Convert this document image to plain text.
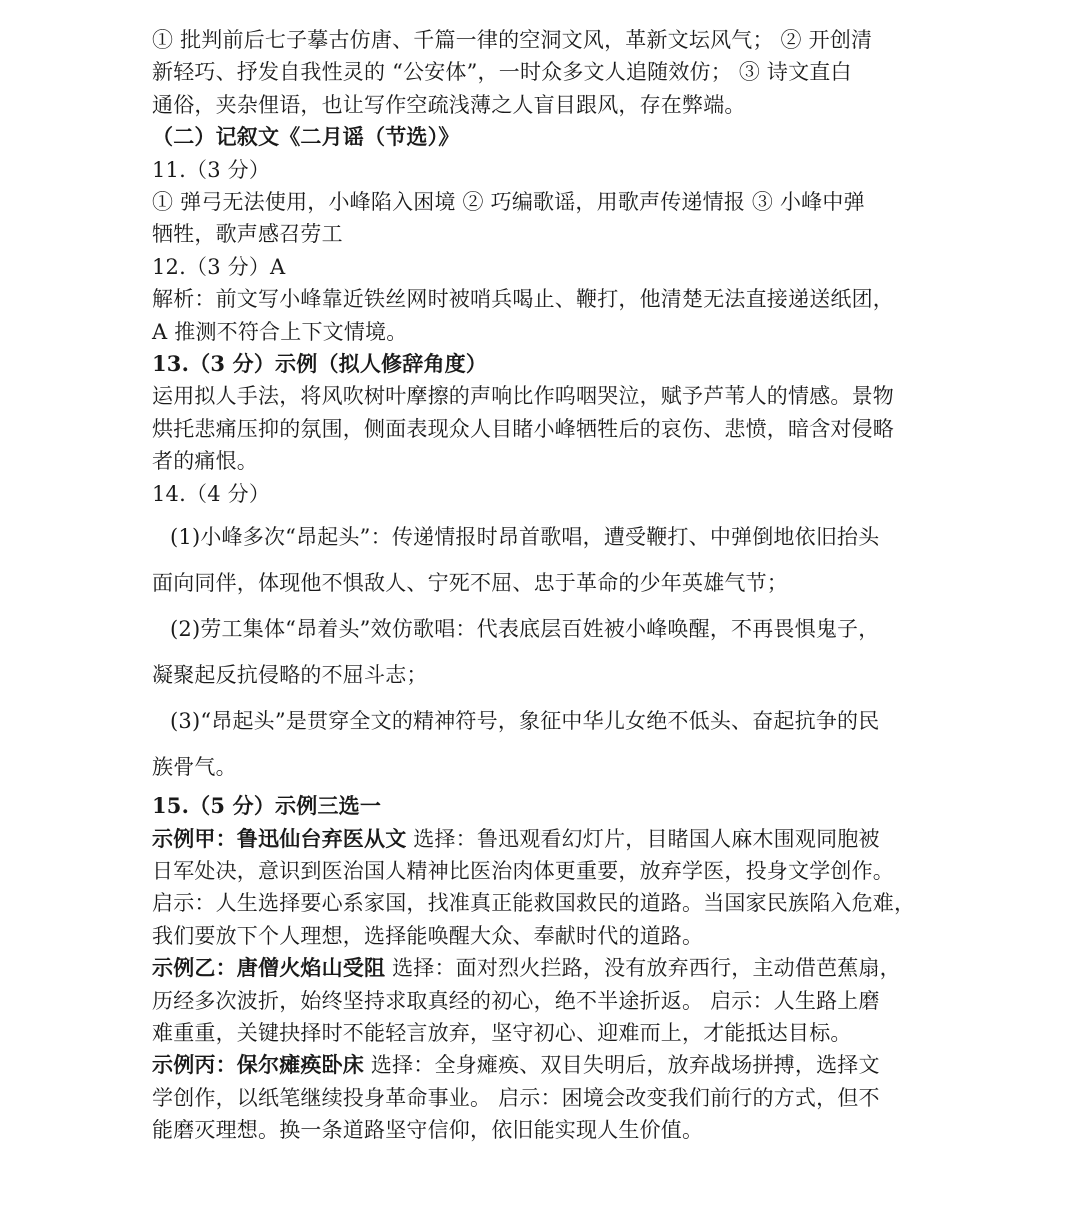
① 批判前后七子摹古仿唐、千篇一律的空洞文风，革新文坛风气； ② 开创清
新轻巧、抒发自我性灵的 “公安体”，一时众多文人追随效仿； ③ 诗文直白
通俗，夹杂俚语，也让写作空疏浅薄之人盲目跟风，存在弊端。
（二）记叙文《二月谣（节选）》
11.（3 分）
① 弹弓无法使用，小峰陷入困境 ② 巧编歌谣，用歌声传递情报 ③ 小峰中弹
牺牲，歌声感召劳工
12.（3 分）A
解析：前文写小峰靠近铁丝网时被哨兵喝止、鞭打，他清楚无法直接递送纸团，
A 推测不符合上下文情境。
13.（3 分）示例（拟人修辞角度）
运用拟人手法，将风吹树叶摩擦的声响比作呜咽哭泣，赋予芦苇人的情感。景物
烘托悲痛压抑的氛围，侧面表现众人目睹小峰牺牲后的哀伤、悲愤，暗含对侵略
者的痛恨。
14.（4 分）
(1)小峰多次“昂起头”：传递情报时昂首歌唱，遭受鞭打、中弹倒地依旧抬头
面向同伴，体现他不惧敌人、宁死不屈、忠于革命的少年英雄气节；
(2)劳工集体“昂着头”效仿歌唱：代表底层百姓被小峰唤醒，不再畏惧鬼子，
凝聚起反抗侵略的不屈斗志；
(3)“昂起头”是贯穿全文的精神符号，象征中华儿女绝不低头、奋起抗争的民
族骨气。
15.（5 分）示例三选一
示例甲：鲁迅仙台弃医从文 选择：鲁迅观看幻灯片，目睹国人麻木围观同胞被
日军处决，意识到医治国人精神比医治肉体更重要，放弃学医，投身文学创作。
启示：人生选择要心系家国，找准真正能救国救民的道路。当国家民族陷入危难，
我们要放下个人理想，选择能唤醒大众、奉献时代的道路。
示例乙：唐僧火焰山受阻 选择：面对烈火拦路，没有放弃西行，主动借芭蕉扇，
历经多次波折，始终坚持求取真经的初心，绝不半途折返。 启示：人生路上磨
难重重，关键抉择时不能轻言放弃，坚守初心、迎难而上，才能抵达目标。
示例丙：保尔瘫痪卧床 选择：全身瘫痪、双目失明后，放弃战场拼搏，选择文
学创作，以纸笔继续投身革命事业。 启示：困境会改变我们前行的方式，但不
能磨灭理想。换一条道路坚守信仰，依旧能实现人生价值。
